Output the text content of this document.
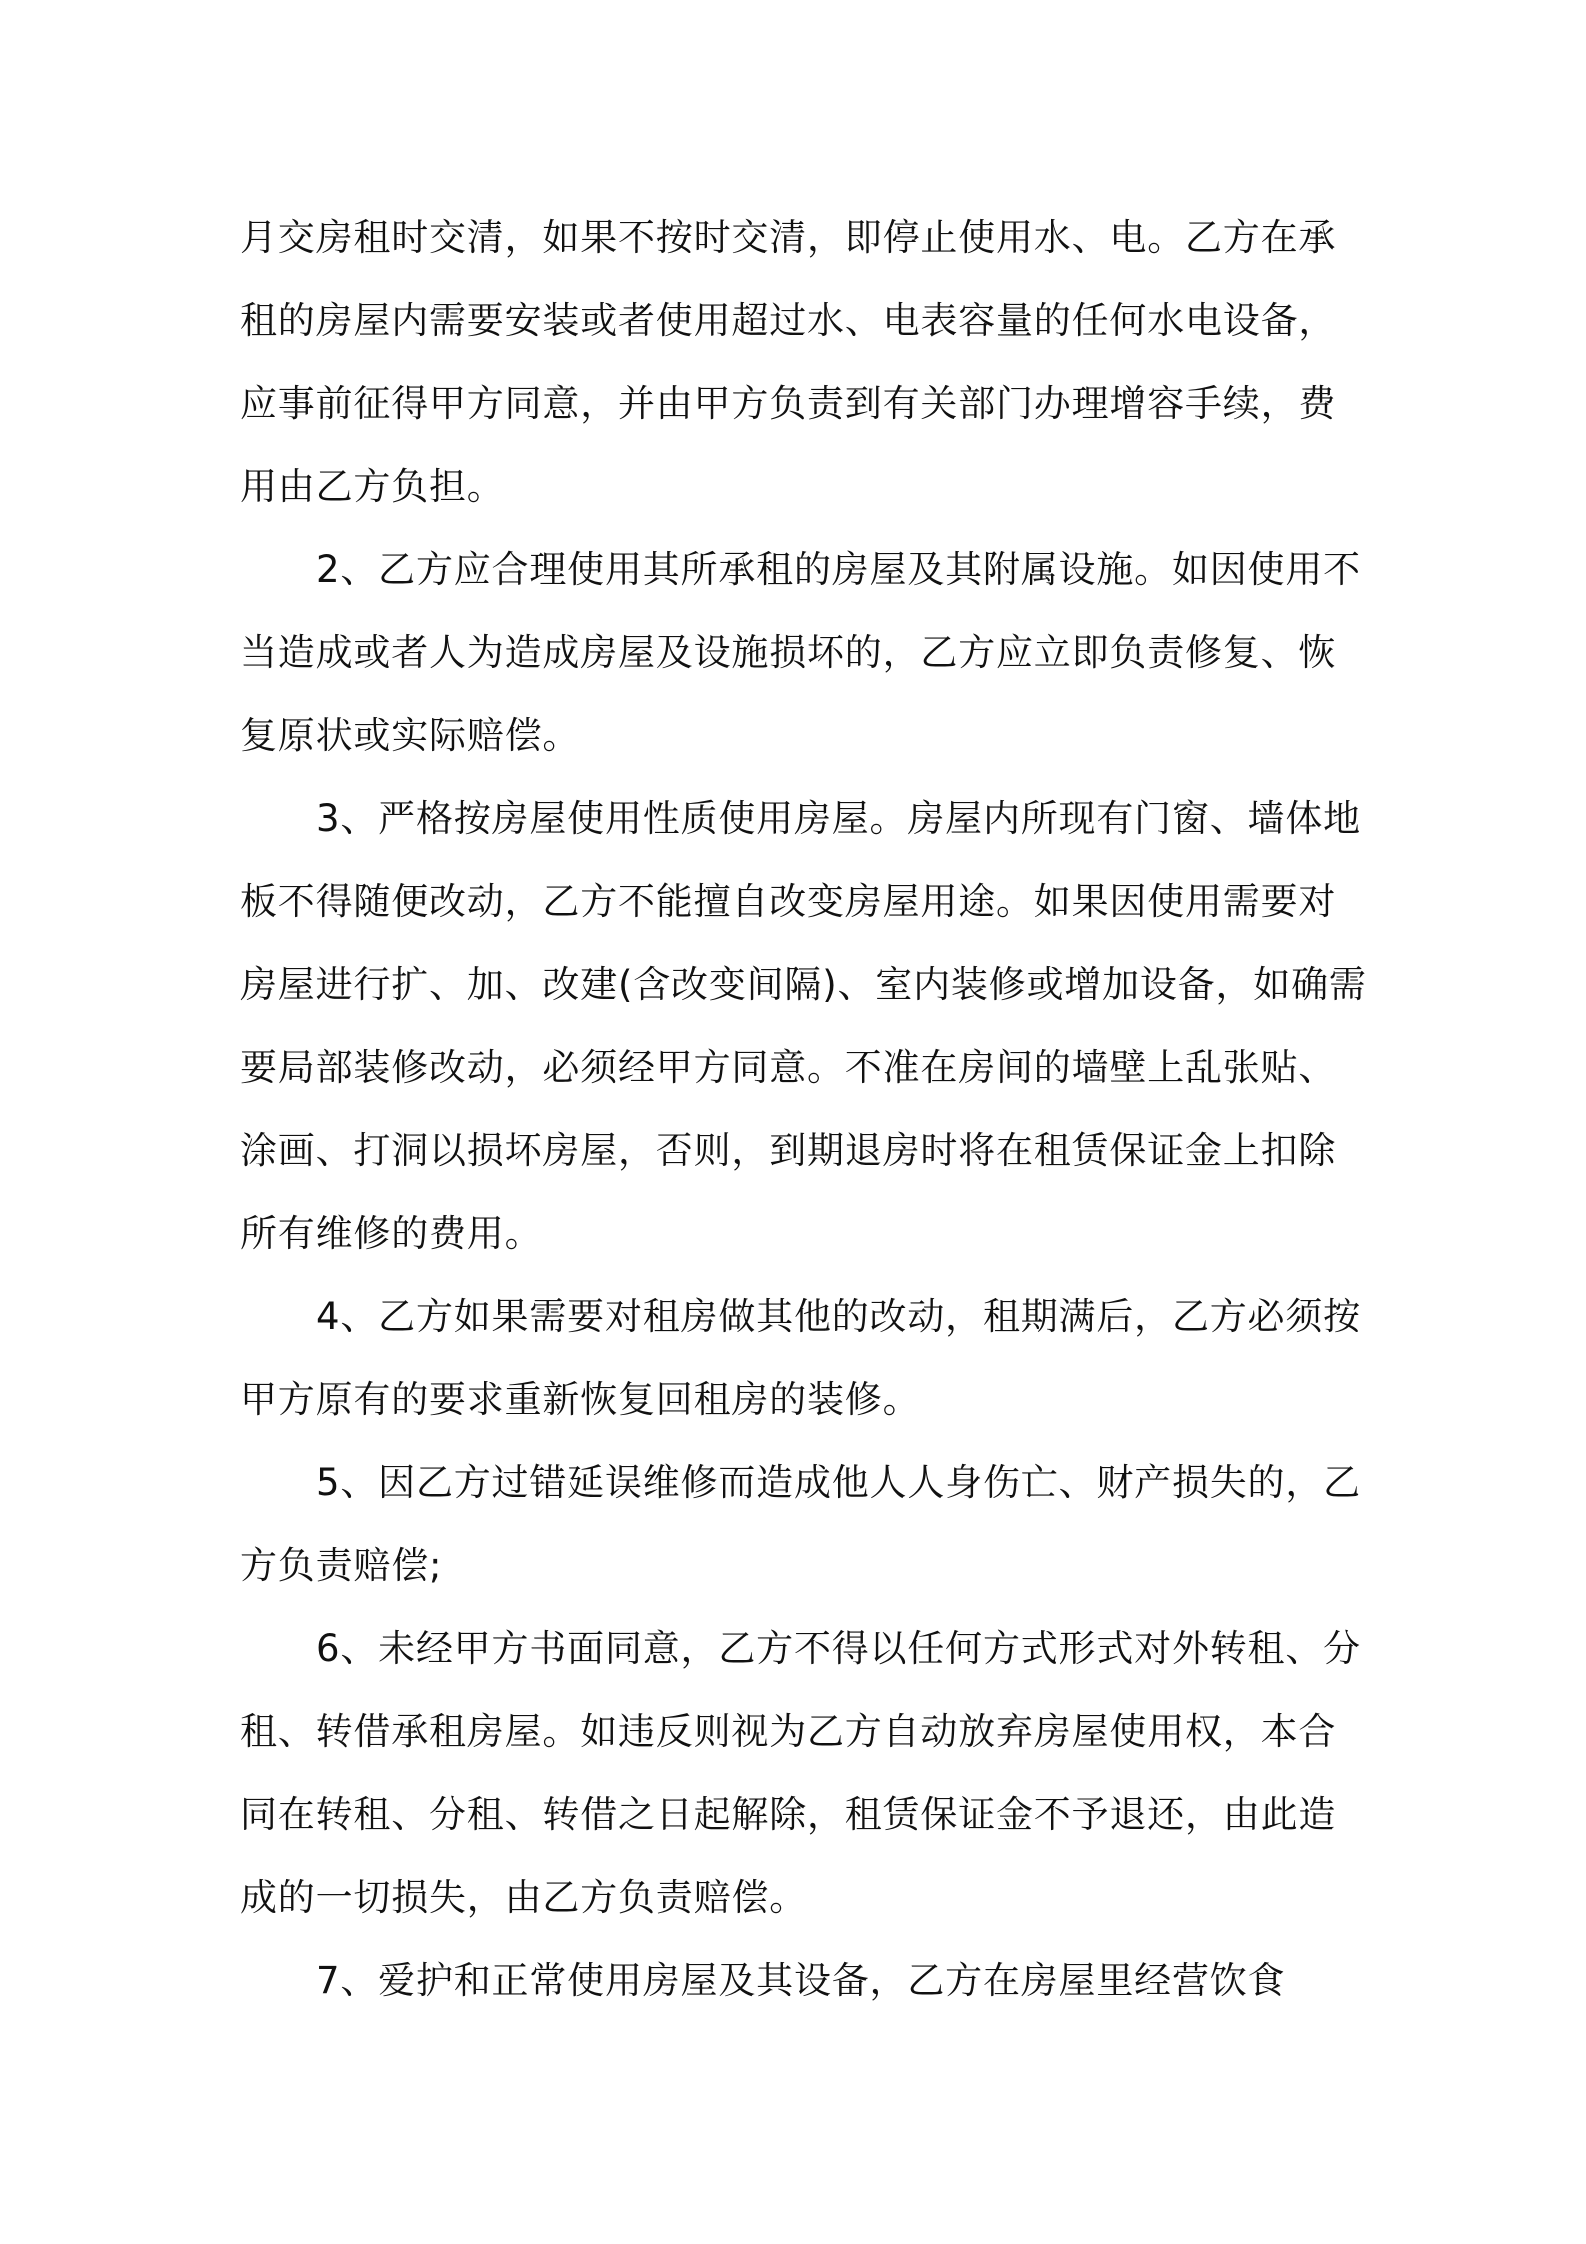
月交房租时交清，如果不按时交清，即停止使用水、电。乙方在承租的房屋内需要安装或者使用超过水、电表容量的任何水电设备，应事前征得甲方同意，并由甲方负责到有关部门办理增容手续，费用由乙方负担。

2、乙方应合理使用其所承租的房屋及其附属设施。如因使用不当造成或者人为造成房屋及设施损坏的，乙方应立即负责修复、恢复原状或实际赔偿。

3、严格按房屋使用性质使用房屋。房屋内所现有门窗、墙体地板不得随便改动，乙方不能擅自改变房屋用途。如果因使用需要对房屋进行扩、加、改建(含改变间隔)、室内装修或增加设备，如确需要局部装修改动，必须经甲方同意。不准在房间的墙壁上乱张贴、涂画、打洞以损坏房屋，否则，到期退房时将在租赁保证金上扣除所有维修的费用。

4、乙方如果需要对租房做其他的改动，租期满后，乙方必须按甲方原有的要求重新恢复回租房的装修。

5、因乙方过错延误维修而造成他人人身伤亡、财产损失的，乙方负责赔偿;

6、未经甲方书面同意，乙方不得以任何方式形式对外转租、分租、转借承租房屋。如违反则视为乙方自动放弃房屋使用权，本合同在转租、分租、转借之日起解除，租赁保证金不予退还，由此造成的一切损失，由乙方负责赔偿。

7、爱护和正常使用房屋及其设备，乙方在房屋里经营饮食
